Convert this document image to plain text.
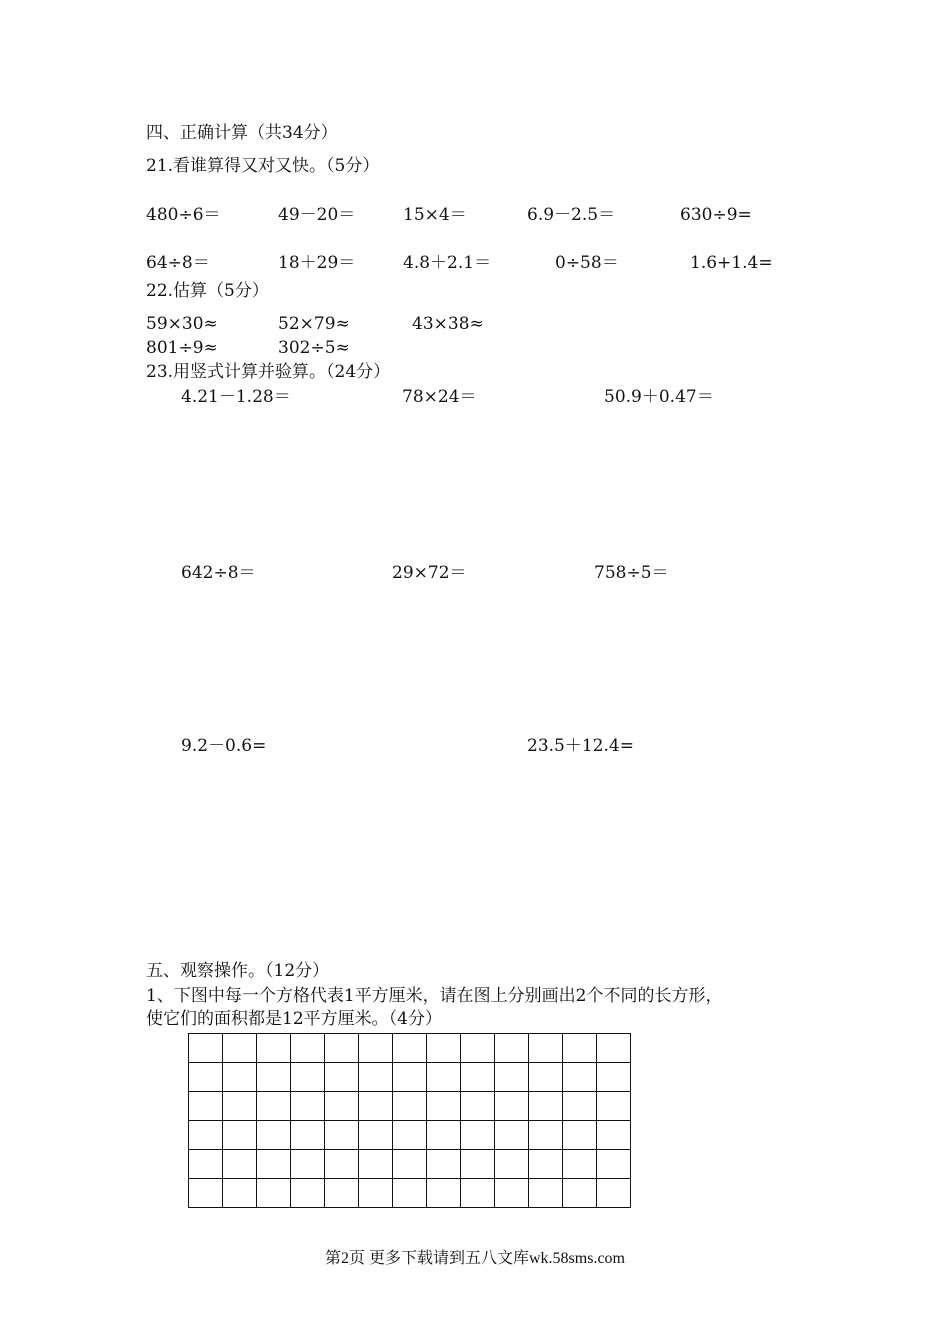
四、正确计算（共34分）
21.看谁算得又对又快。（5分）
480÷6＝	49－20＝	15×4＝	6.9－2.5＝	630÷9=
64÷8＝	18＋29＝	4.8＋2.1＝	0÷58＝	1.6+1.4=
22.估算（5分）
59×30≈	52×79≈	43×38≈
801÷9≈	302÷5≈
23.用竖式计算并验算。（24分）
4.21－1.28＝	78×24＝	50.9＋0.47＝
642÷8＝	29×72＝	758÷5＝
9.2－0.6=	23.5＋12.4=
五、观察操作。（12分）
1、下图中每一个方格代表1平方厘米，请在图上分别画出2个不同的长方形，
使它们的面积都是12平方厘米。（4分）

第2页 更多下载请到五八文库wk.58sms.com
